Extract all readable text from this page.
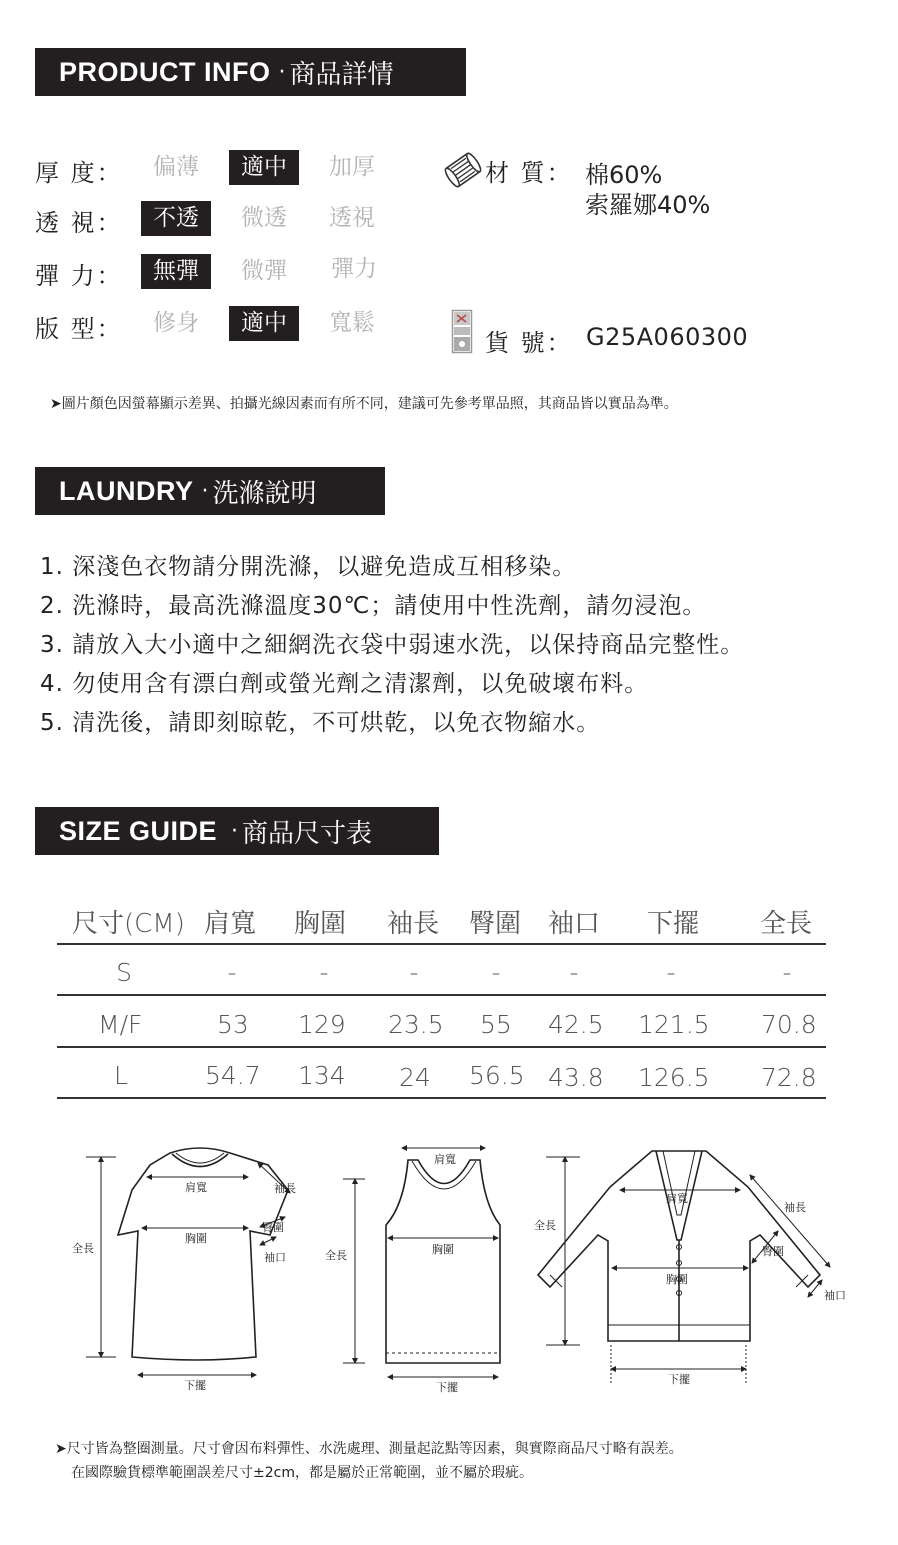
PRODUCT INFO · 商品詳情
厚 度：	偏薄	適中	加厚
透 視：	不透	微透	透視
彈 力：	無彈	微彈	彈力
版 型：	修身	適中	寬鬆
材 質： 棉60%
索羅娜40%
貨 號： G25A060300
➤圖片顏色因螢幕顯示差異、拍攝光線因素而有所不同，建議可先參考單品照，其商品皆以實品為準。
LAUNDRY · 洗滌說明
1. 深淺色衣物請分開洗滌，以避免造成互相移染。
2. 洗滌時，最高洗滌溫度30℃；請使用中性洗劑，請勿浸泡。
3. 請放入大小適中之細網洗衣袋中弱速水洗，以保持商品完整性。
4. 勿使用含有漂白劑或螢光劑之清潔劑，以免破壞布料。
5. 清洗後，請即刻晾乾，不可烘乾，以免衣物縮水。
SIZE GUIDE · 商品尺寸表
尺寸(CM) 肩寬 胸圍 袖長 臀圍 袖口 下擺 全長
S	-	-	-	-	-	-	-
M/F	53 129 23.5 55 42.5 121.5 70.8
L	54.7 134 24 56.5 43.8 126.5 72.8
肩寬
胸圍
全長
下擺
袖長
臀圍
袖口
肩寬
胸圍
全長
下擺
肩寬
胸圍
全長
下擺
袖長
臀圍
袖口
➤尺寸皆為整圈測量。尺寸會因布料彈性、水洗處理、測量起訖點等因素，與實際商品尺寸略有誤差。
在國際驗貨標準範圍誤差尺寸±2cm，都是屬於正常範圍，並不屬於瑕疵。
